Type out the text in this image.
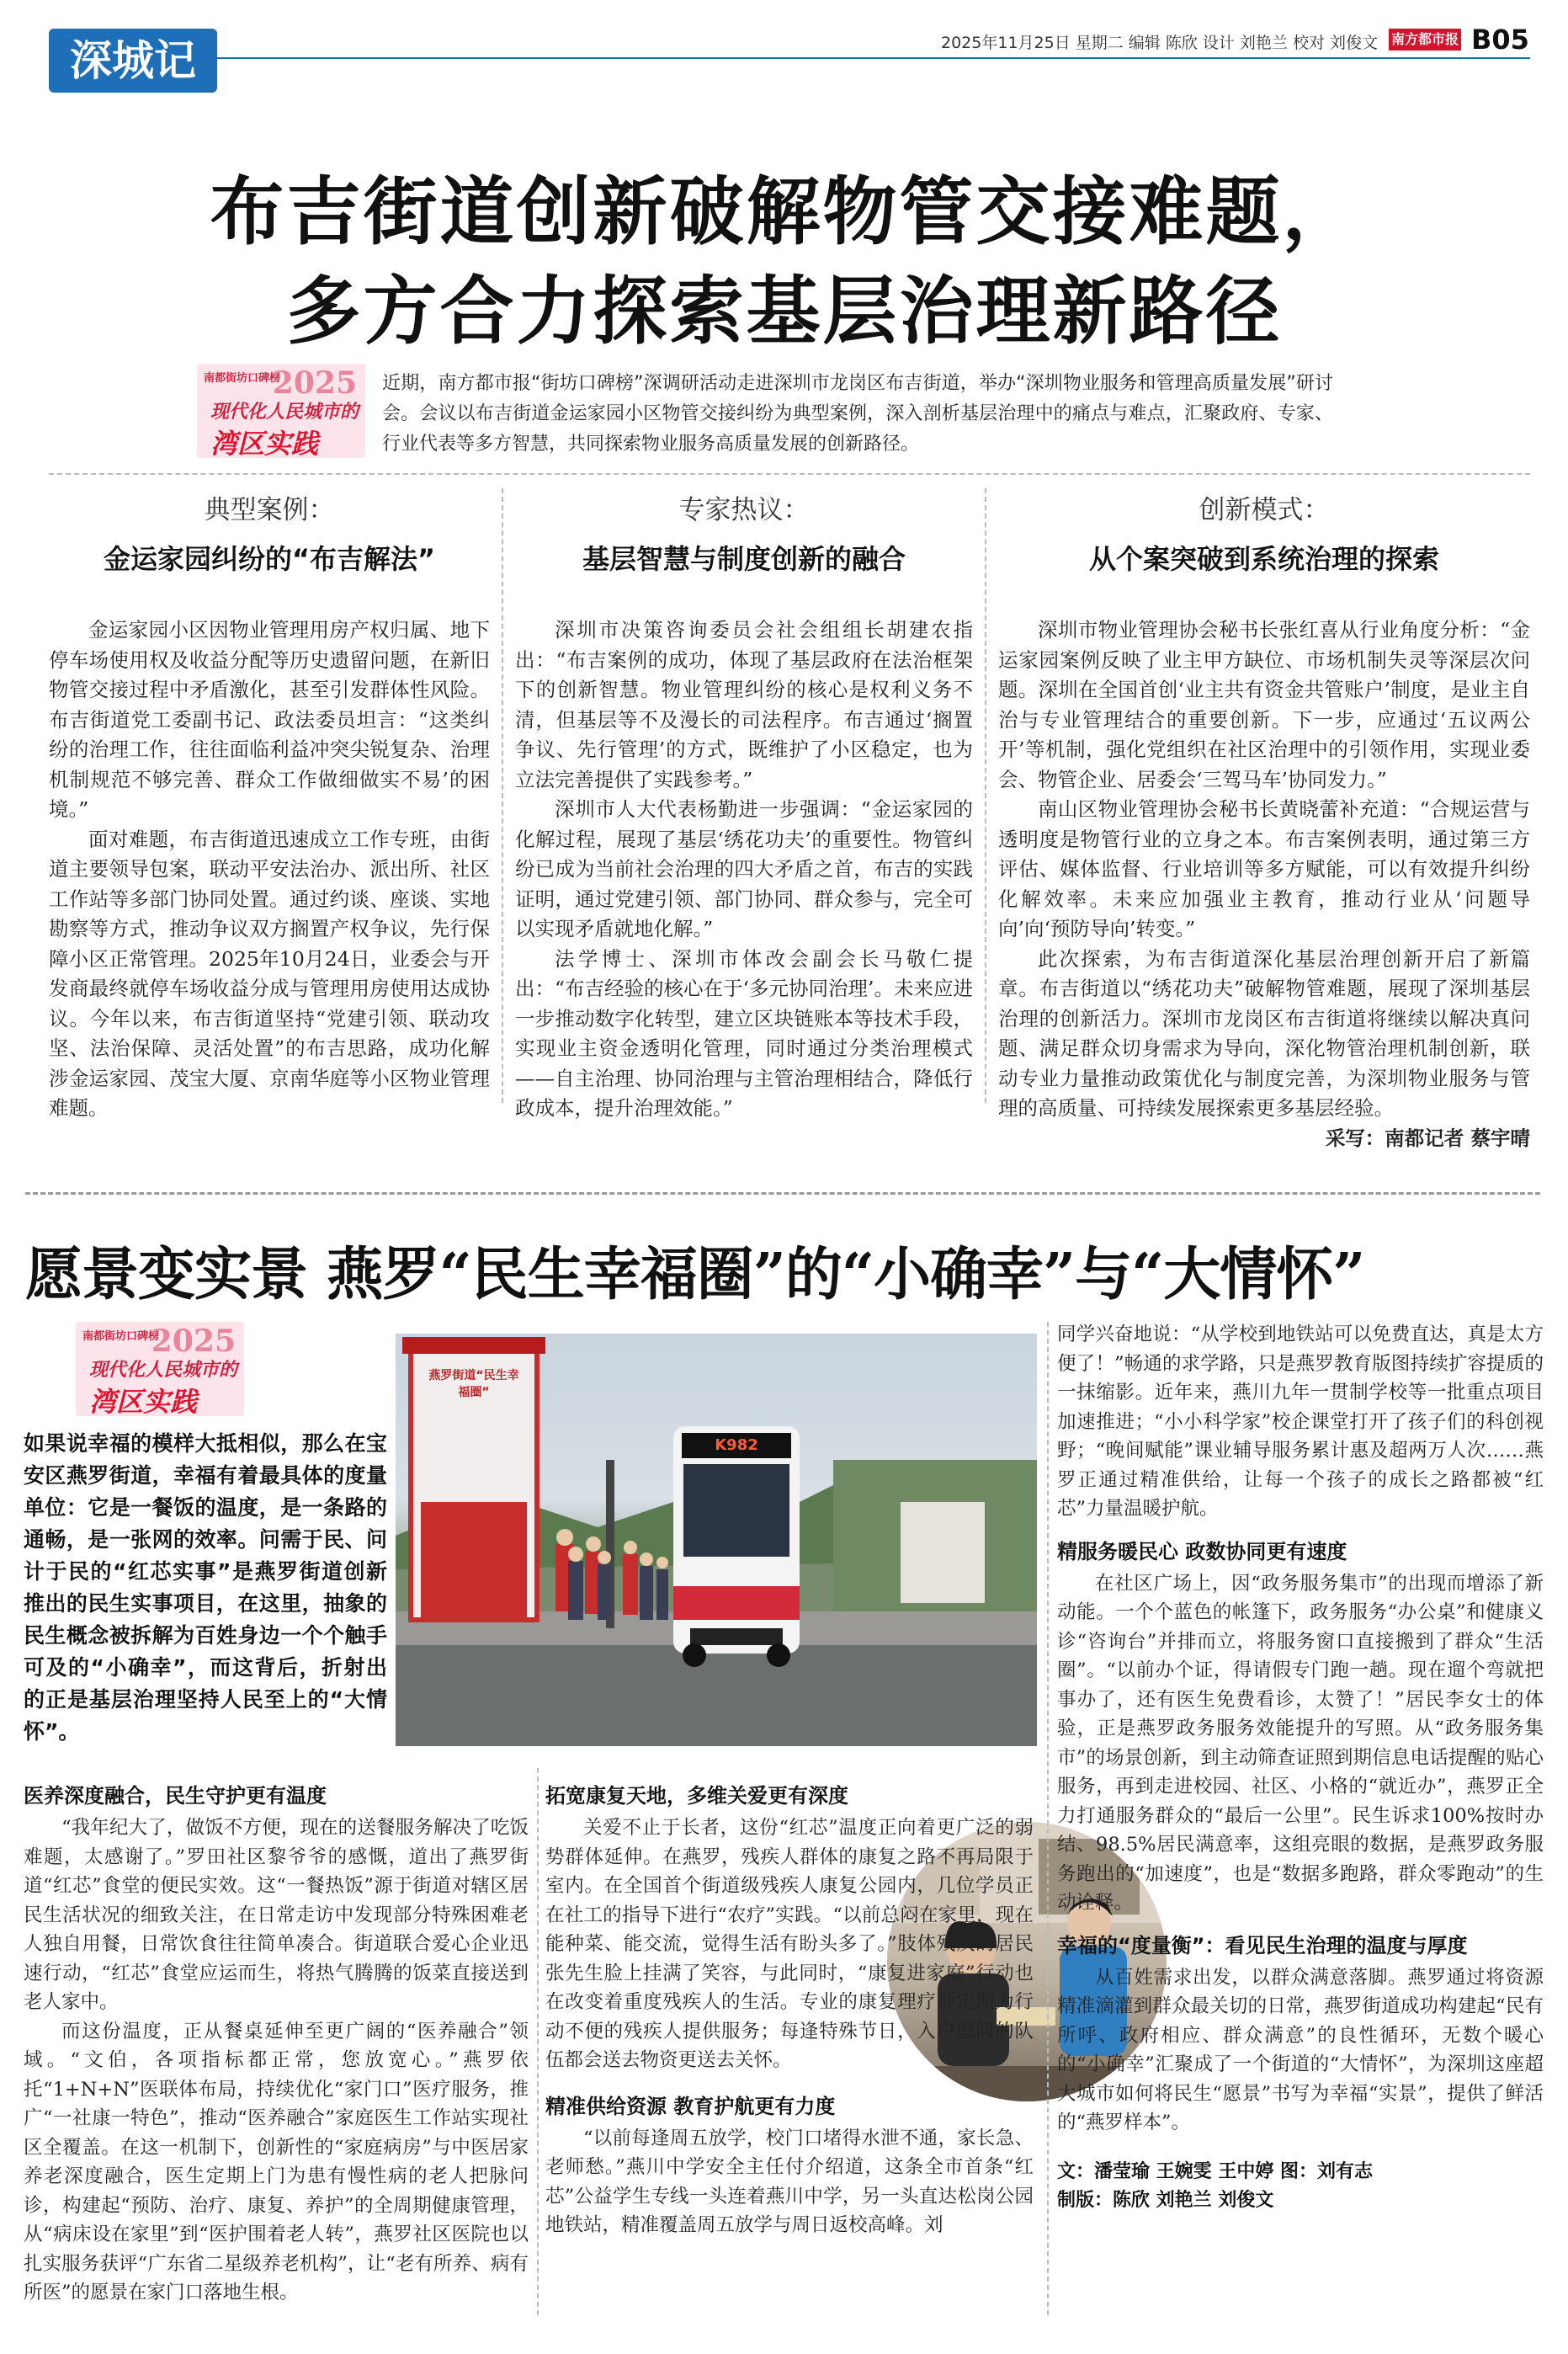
深城记	2025年11月25日 星期二 编辑 陈欣 设计 刘艳兰 校对 刘俊文 南方都市报 B05
布吉街道创新破解物管交接难题，
多方合力探索基层治理新路径
南都街坊口碑榜
2025
现代化人民城市的
湾区实践
近期，南方都市报“街坊口碑榜”深调研活动走进深圳市龙岗区布吉街道，举办“深圳物业服务和管理高质量发展”研讨会。会议以布吉街道金运家园小区物管交接纠纷为典型案例，深入剖析基层治理中的痛点与难点，汇聚政府、专家、行业代表等多方智慧，共同探索物业服务高质量发展的创新路径。
典型案例：
金运家园纠纷的“布吉解法”

金运家园小区因物业管理用房产权归属、地下停车场使用权及收益分配等历史遗留问题，在新旧物管交接过程中矛盾激化，甚至引发群体性风险。布吉街道党工委副书记、政法委员坦言：“这类纠纷的治理工作，往往面临利益冲突尖锐复杂、治理机制规范不够完善、群众工作做细做实不易’的困境。”

面对难题，布吉街道迅速成立工作专班，由街道主要领导包案，联动平安法治办、派出所、社区工作站等多部门协同处置。通过约谈、座谈、实地勘察等方式，推动争议双方搁置产权争议，先行保障小区正常管理。2025年10月24日，业委会与开发商最终就停车场收益分成与管理用房使用达成协议。今年以来，布吉街道坚持“党建引领、联动攻坚、法治保障、灵活处置”的布吉思路，成功化解涉金运家园、茂宝大厦、京南华庭等小区物业管理难题。

专家热议：
基层智慧与制度创新的融合

深圳市决策咨询委员会社会组组长胡建农指出：“布吉案例的成功，体现了基层政府在法治框架下的创新智慧。物业管理纠纷的核心是权利义务不清，但基层等不及漫长的司法程序。布吉通过‘搁置争议、先行管理’的方式，既维护了小区稳定，也为立法完善提供了实践参考。”

深圳市人大代表杨勤进一步强调：“金运家园的化解过程，展现了基层‘绣花功夫’的重要性。物管纠纷已成为当前社会治理的四大矛盾之首，布吉的实践证明，通过党建引领、部门协同、群众参与，完全可以实现矛盾就地化解。”

法学博士、深圳市体改会副会长马敬仁提出：“布吉经验的核心在于‘多元协同治理’。未来应进一步推动数字化转型，建立区块链账本等技术手段，实现业主资金透明化管理，同时通过分类治理模式——自主治理、协同治理与主管治理相结合，降低行政成本，提升治理效能。”

创新模式：
从个案突破到系统治理的探索

深圳市物业管理协会秘书长张红喜从行业角度分析：“金运家园案例反映了业主甲方缺位、市场机制失灵等深层次问题。深圳在全国首创‘业主共有资金共管账户’制度，是业主自治与专业管理结合的重要创新。下一步，应通过‘五议两公开’等机制，强化党组织在社区治理中的引领作用，实现业委会、物管企业、居委会‘三驾马车’协同发力。”

南山区物业管理协会秘书长黄晓蕾补充道：“合规运营与透明度是物管行业的立身之本。布吉案例表明，通过第三方评估、媒体监督、行业培训等多方赋能，可以有效提升纠纷化解效率。未来应加强业主教育，推动行业从‘问题导向’向‘预防导向’转变。”

此次探索，为布吉街道深化基层治理创新开启了新篇章。布吉街道以“绣花功夫”破解物管难题，展现了深圳基层治理的创新活力。深圳市龙岗区布吉街道将继续以解决真问题、满足群众切身需求为导向，深化物管治理机制创新，联动专业力量推动政策优化与制度完善，为深圳物业服务与管理的高质量、可持续发展探索更多基层经验。

采写：南都记者 蔡宇晴
愿景变实景 燕罗“民生幸福圈”的“小确幸”与“大情怀”
南都街坊口碑榜
2025
现代化人民城市的
湾区实践
如果说幸福的模样大抵相似，那么在宝安区燕罗街道，幸福有着最具体的度量单位：它是一餐饭的温度，是一条路的通畅，是一张网的效率。问需于民、问计于民的“红芯实事”是燕罗街道创新推出的民生实事项目，在这里，抽象的民生概念被拆解为百姓身边一个个触手可及的“小确幸”，而这背后，折射出的正是基层治理坚持人民至上的“大情怀”。
燕罗街道“民生幸福圈”
K982
医养深度融合，民生守护更有温度

“我年纪大了，做饭不方便，现在的送餐服务解决了吃饭难题，太感谢了。”罗田社区黎爷爷的感慨，道出了燕罗街道“红芯”食堂的便民实效。这“一餐热饭”源于街道对辖区居民生活状况的细致关注，在日常走访中发现部分特殊困难老人独自用餐，日常饮食往往简单凑合。街道联合爱心企业迅速行动，“红芯”食堂应运而生，将热气腾腾的饭菜直接送到老人家中。

而这份温度，正从餐桌延伸至更广阔的“医养融合”领域。“文伯，各项指标都正常，您放宽心。”燕罗依托“1+N+N”医联体布局，持续优化“家门口”医疗服务，推广“一社康一特色”，推动“医养融合”家庭医生工作站实现社区全覆盖。在这一机制下，创新性的“家庭病房”与中医居家养老深度融合，医生定期上门为患有慢性病的老人把脉问诊，构建起“预防、治疗、康复、养护”的全周期健康管理，从“病床设在家里”到“医护围着老人转”，燕罗社区医院也以扎实服务获评“广东省二星级养老机构”，让“老有所养、病有所医”的愿景在家门口落地生根。

拓宽康复天地，多维关爱更有深度

关爱不止于长者，这份“红芯”温度正向着更广泛的弱势群体延伸。在燕罗，残疾人群体的康复之路不再局限于室内。在全国首个街道级残疾人康复公园内，几位学员正在社工的指导下进行“农疗”实践。“以前总闷在家里，现在能种菜、能交流，觉得生活有盼头多了。”肢体残疾的居民张先生脸上挂满了笑容，与此同时，“康复进家庭”行动也在改变着重度残疾人的生活。专业的康复理疗师定期为行动不便的残疾人提供服务；每逢特殊节日，入户慰问的队伍都会送去物资更送去关怀。

精准供给资源 教育护航更有力度

“以前每逢周五放学，校门口堵得水泄不通，家长急、老师愁。”燕川中学安全主任付介绍道，这条全市首条“红芯”公益学生专线一头连着燕川中学，另一头直达松岗公园地铁站，精准覆盖周五放学与周日返校高峰。刘

同学兴奋地说：“从学校到地铁站可以免费直达，真是太方便了！”畅通的求学路，只是燕罗教育版图持续扩容提质的一抹缩影。近年来，燕川九年一贯制学校等一批重点项目加速推进；“小小科学家”校企课堂打开了孩子们的科创视野；“晚间赋能”课业辅导服务累计惠及超两万人次……燕罗正通过精准供给，让每一个孩子的成长之路都被“红芯”力量温暖护航。
精服务暖民心 政数协同更有速度

在社区广场上，因“政务服务集市”的出现而增添了新动能。一个个蓝色的帐篷下，政务服务“办公桌”和健康义诊“咨询台”并排而立，将服务窗口直接搬到了群众“生活圈”。“以前办个证，得请假专门跑一趟。现在遛个弯就把事办了，还有医生免费看诊，太赞了！”居民李女士的体验，正是燕罗政务服务效能提升的写照。从“政务服务集市”的场景创新，到主动筛查证照到期信息电话提醒的贴心服务，再到走进校园、社区、小格的“就近办”，燕罗正全力打通服务群众的“最后一公里”。民生诉求100%按时办结、98.5%居民满意率，这组亮眼的数据，是燕罗政务服务跑出的“加速度”，也是“数据多跑路，群众零跑动”的生动诠释。

幸福的“度量衡”：看见民生治理的温度与厚度

从百姓需求出发，以群众满意落脚。燕罗通过将资源精准滴灌到群众最关切的日常，燕罗街道成功构建起“民有所呼、政府相应、群众满意”的良性循环，无数个暖心的“小确幸”汇聚成了一个街道的“大情怀”，为深圳这座超大城市如何将民生“愿景”书写为幸福“实景”，提供了鲜活的“燕罗样本”。

文：潘莹瑜 王婉雯 王中婷 图：刘有志
制版：陈欣 刘艳兰 刘俊文
